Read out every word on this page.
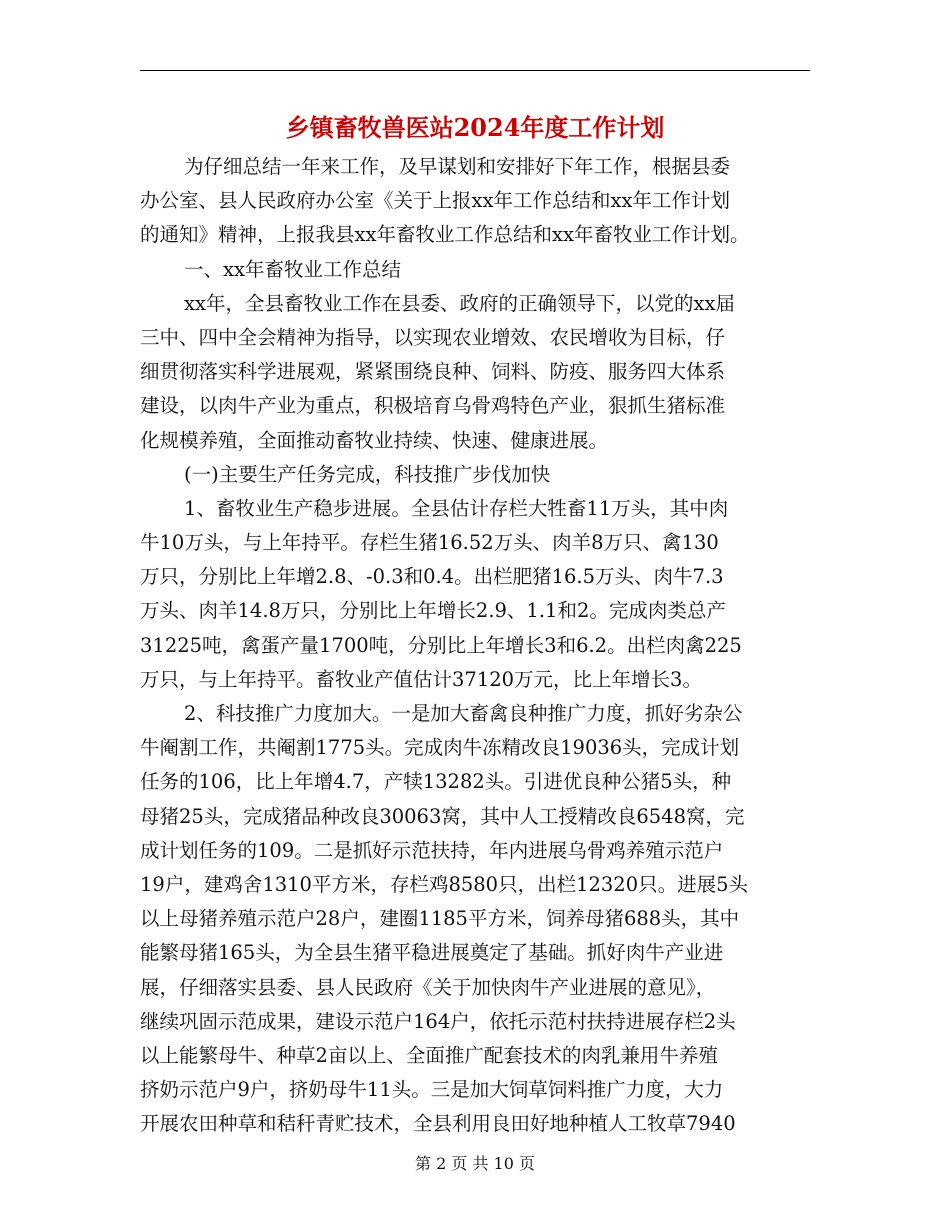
乡镇畜牧兽医站2024年度工作计划
为仔细总结一年来工作，及早谋划和安排好下年工作，根据县委
办公室、县人民政府办公室《关于上报xx年工作总结和xx年工作计划
的通知》精神，上报我县xx年畜牧业工作总结和xx年畜牧业工作计划。
一、xx年畜牧业工作总结
xx年，全县畜牧业工作在县委、政府的正确领导下，以党的xx届
三中、四中全会精神为指导，以实现农业增效、农民增收为目标，仔
细贯彻落实科学进展观，紧紧围绕良种、饲料、防疫、服务四大体系
建设，以肉牛产业为重点，积极培育乌骨鸡特色产业，狠抓生猪标准
化规模养殖，全面推动畜牧业持续、快速、健康进展。
(一)主要生产任务完成，科技推广步伐加快
1、畜牧业生产稳步进展。全县估计存栏大牲畜11万头，其中肉
牛10万头，与上年持平。存栏生猪16.52万头、肉羊8万只、禽130
万只，分别比上年增2.8、-0.3和0.4。出栏肥猪16.5万头、肉牛7.3
万头、肉羊14.8万只，分别比上年增长2.9、1.1和2。完成肉类总产
31225吨，禽蛋产量1700吨，分别比上年增长3和6.2。出栏肉禽225
万只，与上年持平。畜牧业产值估计37120万元，比上年增长3。
2、科技推广力度加大。一是加大畜禽良种推广力度，抓好劣杂公
牛阉割工作，共阉割1775头。完成肉牛冻精改良19036头，完成计划
任务的106，比上年增4.7，产犊13282头。引进优良种公猪5头，种
母猪25头，完成猪品种改良30063窝，其中人工授精改良6548窝，完
成计划任务的109。二是抓好示范扶持，年内进展乌骨鸡养殖示范户
19户，建鸡舍1310平方米，存栏鸡8580只，出栏12320只。进展5头
以上母猪养殖示范户28户，建圈1185平方米，饲养母猪688头，其中
能繁母猪165头，为全县生猪平稳进展奠定了基础。抓好肉牛产业进
展，仔细落实县委、县人民政府《关于加快肉牛产业进展的意见》，
继续巩固示范成果，建设示范户164户，依托示范村扶持进展存栏2头
以上能繁母牛、种草2亩以上、全面推广配套技术的肉乳兼用牛养殖
挤奶示范户9户，挤奶母牛11头。三是加大饲草饲料推广力度，大力
开展农田种草和秸秆青贮技术，全县利用良田好地种植人工牧草7940
第 2 页 共 10 页
